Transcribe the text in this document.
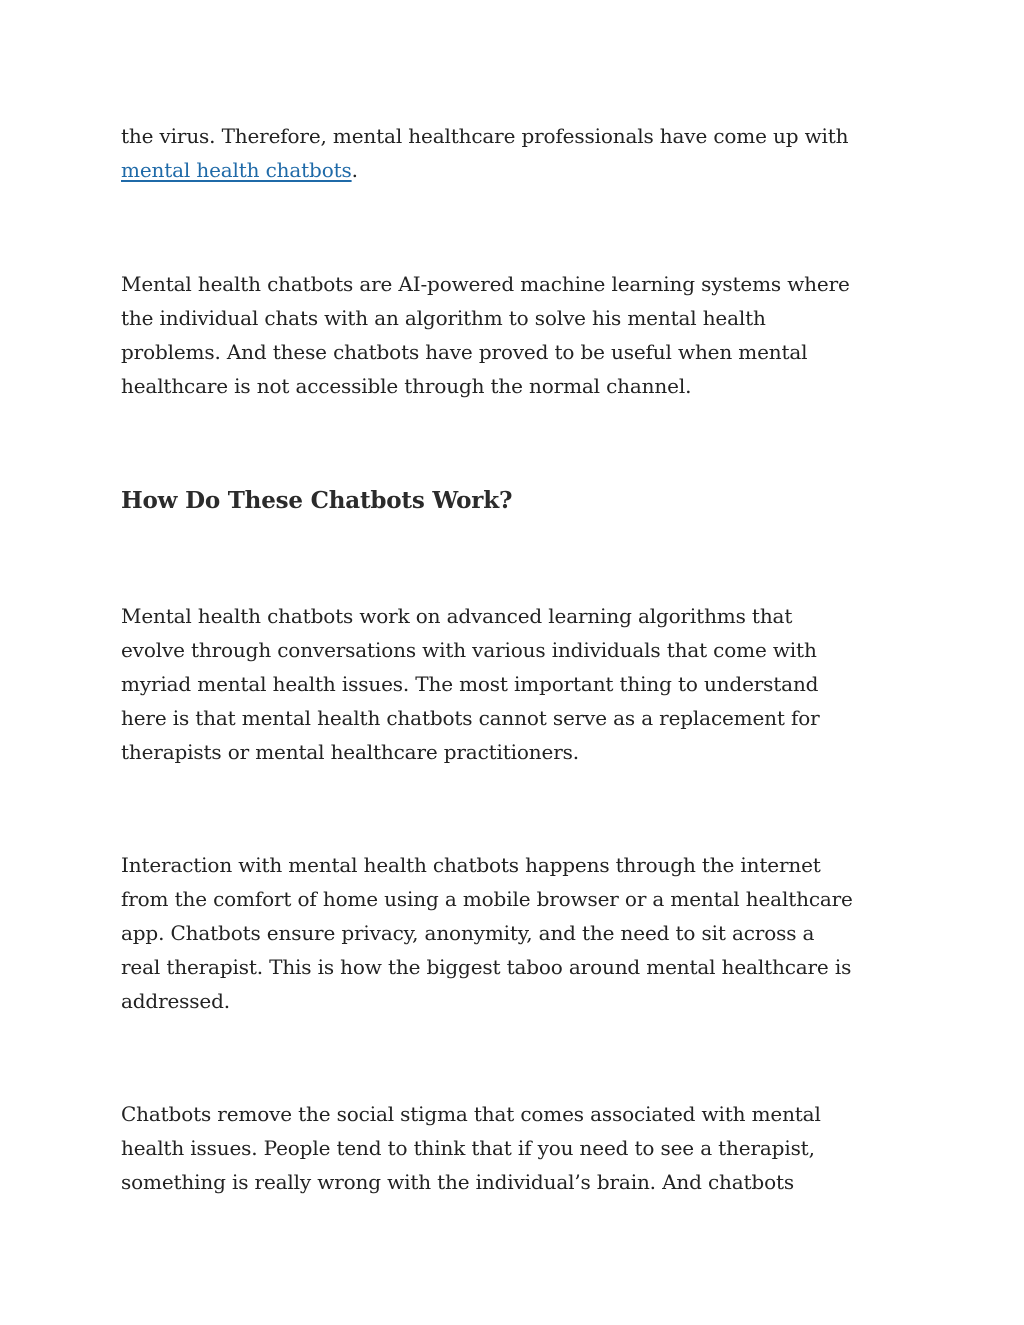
the virus. Therefore, mental healthcare professionals have come up with
mental health chatbots.

Mental health chatbots are AI-powered machine learning systems where
the individual chats with an algorithm to solve his mental health
problems. And these chatbots have proved to be useful when mental
healthcare is not accessible through the normal channel.

How Do These Chatbots Work?

Mental health chatbots work on advanced learning algorithms that
evolve through conversations with various individuals that come with
myriad mental health issues. The most important thing to understand
here is that mental health chatbots cannot serve as a replacement for
therapists or mental healthcare practitioners.

Interaction with mental health chatbots happens through the internet
from the comfort of home using a mobile browser or a mental healthcare
app. Chatbots ensure privacy, anonymity, and the need to sit across a
real therapist. This is how the biggest taboo around mental healthcare is
addressed.

Chatbots remove the social stigma that comes associated with mental
health issues. People tend to think that if you need to see a therapist,
something is really wrong with the individual’s brain. And chatbots
